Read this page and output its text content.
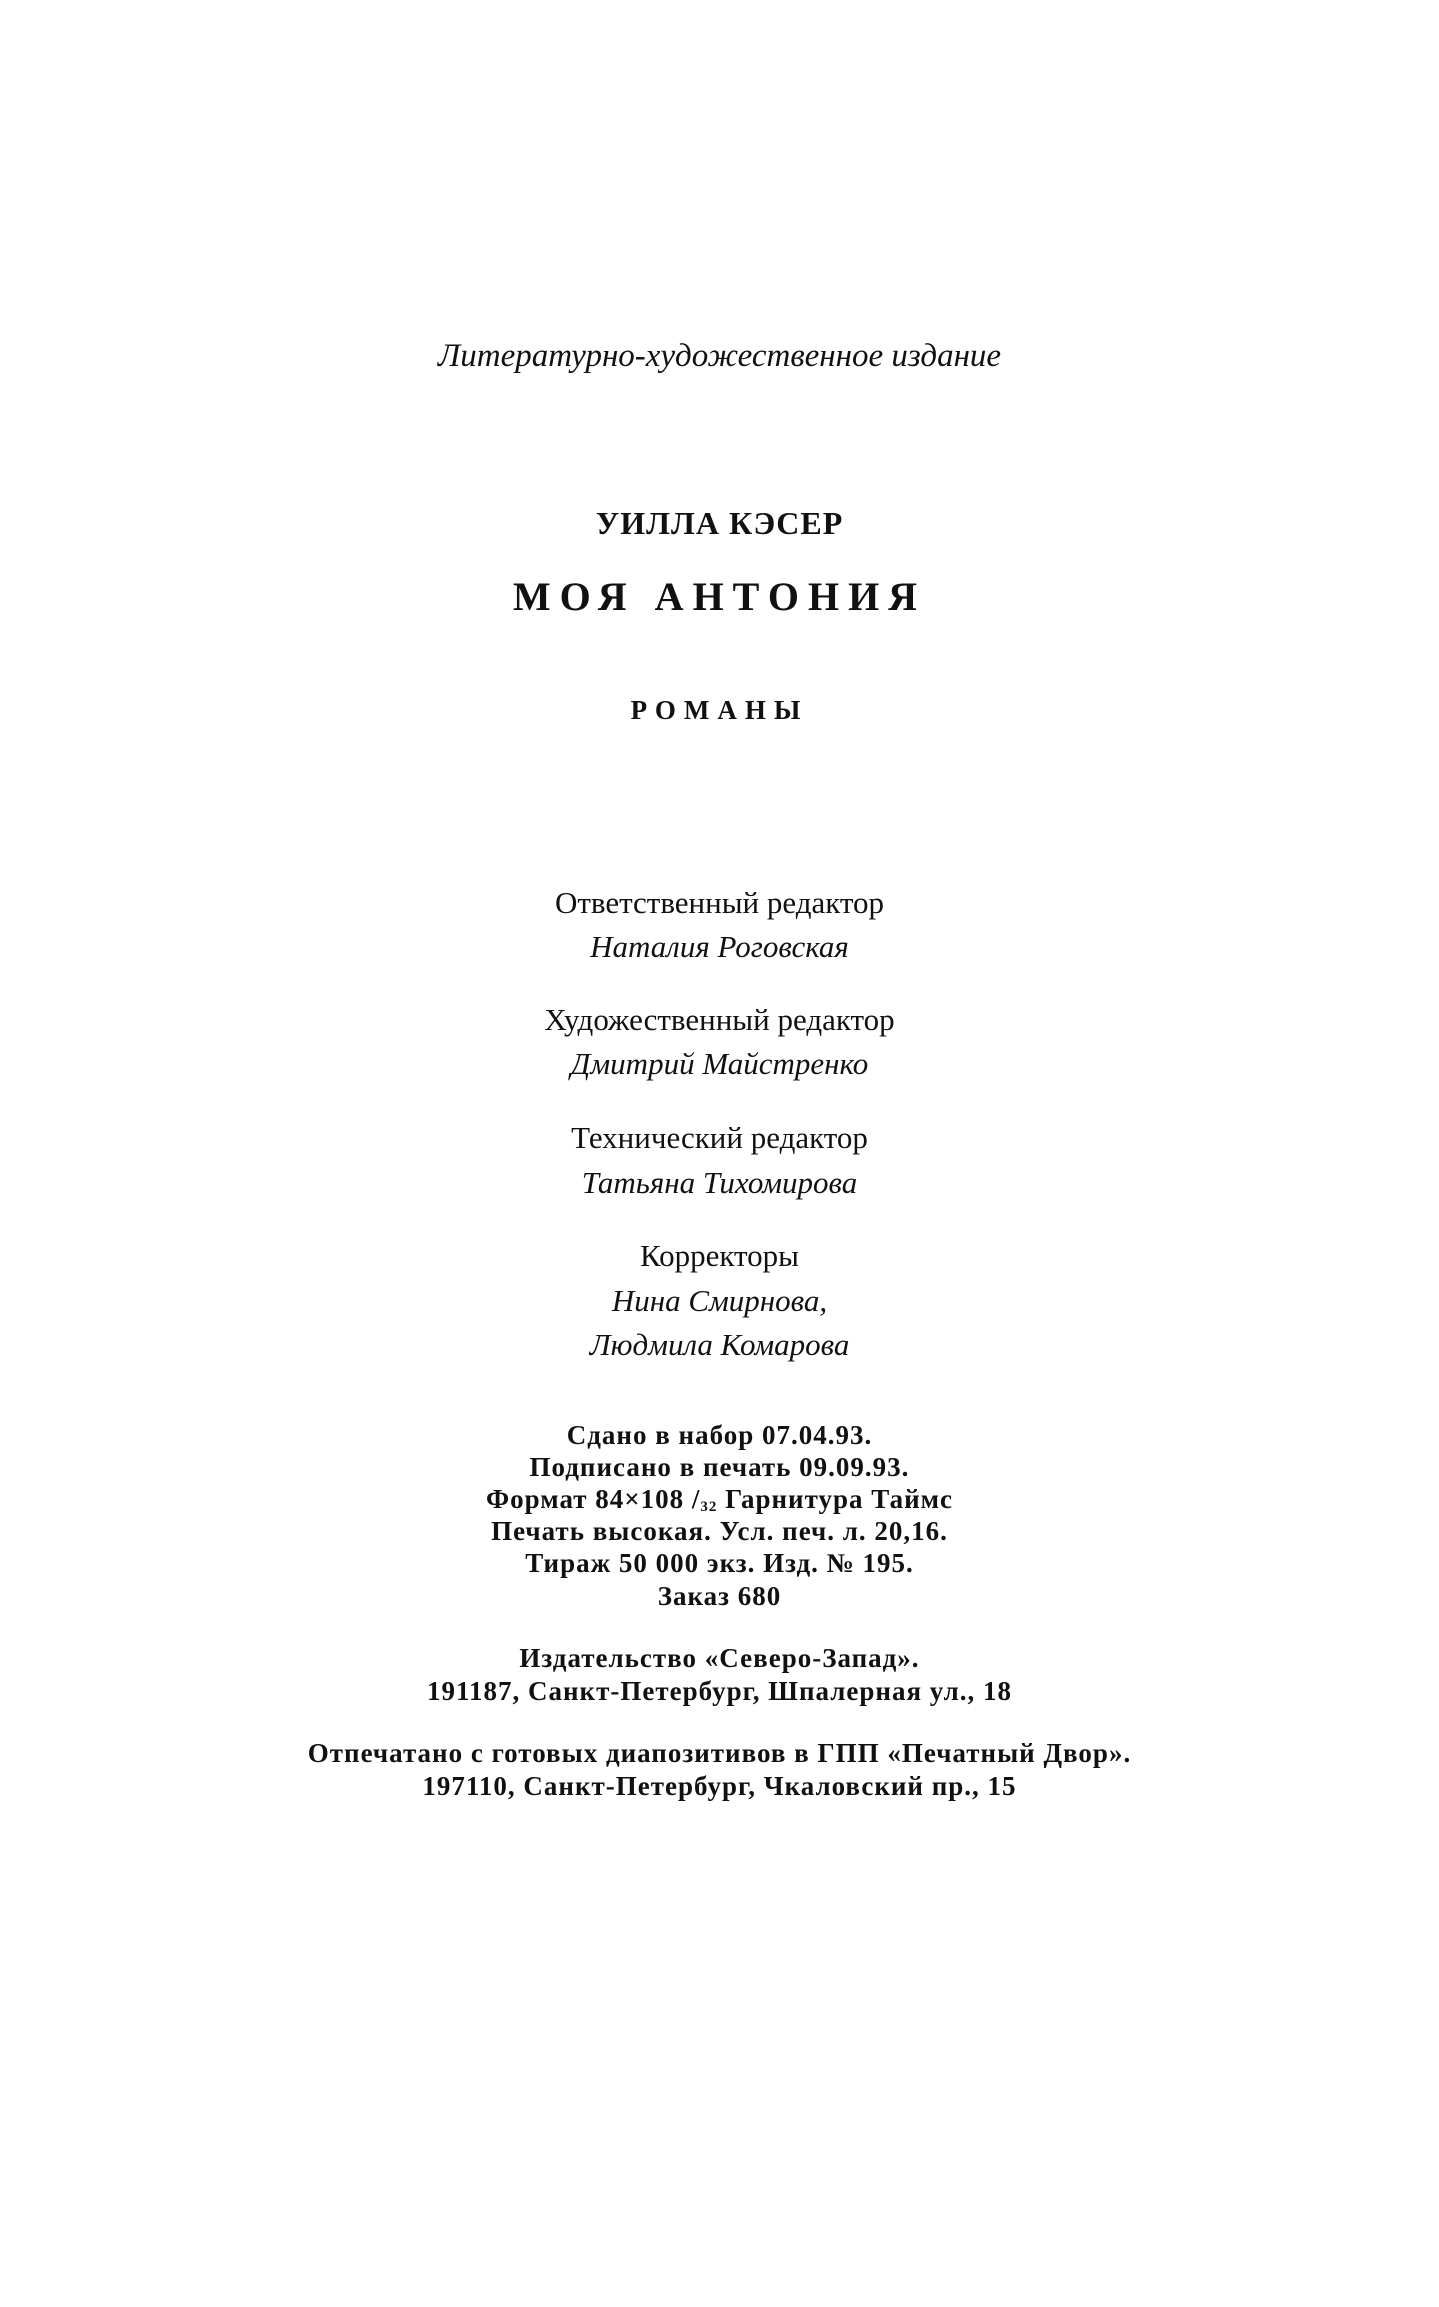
Литературно-художественное издание
УИЛЛА КЭСЕР
МОЯ АНТОНИЯ
РОМАНЫ
Ответственный редактор
Наталия Роговская
Художественный редактор
Дмитрий Майстренко
Технический редактор
Татьяна Тихомирова
Корректоры
Нина Смирнова,
Людмила Комарова
Сдано в набор 07.04.93.
Подписано в печать 09.09.93.
Формат 84×108 /32 Гарнитура Таймс
Печать высокая. Усл. печ. л. 20,16.
Тираж 50 000 экз. Изд. № 195.
Заказ 680
Издательство «Северо-Запад».
191187, Санкт-Петербург, Шпалерная ул., 18
Отпечатано с готовых диапозитивов в ГПП «Печатный Двор».
197110, Санкт-Петербург, Чкаловский пр., 15
